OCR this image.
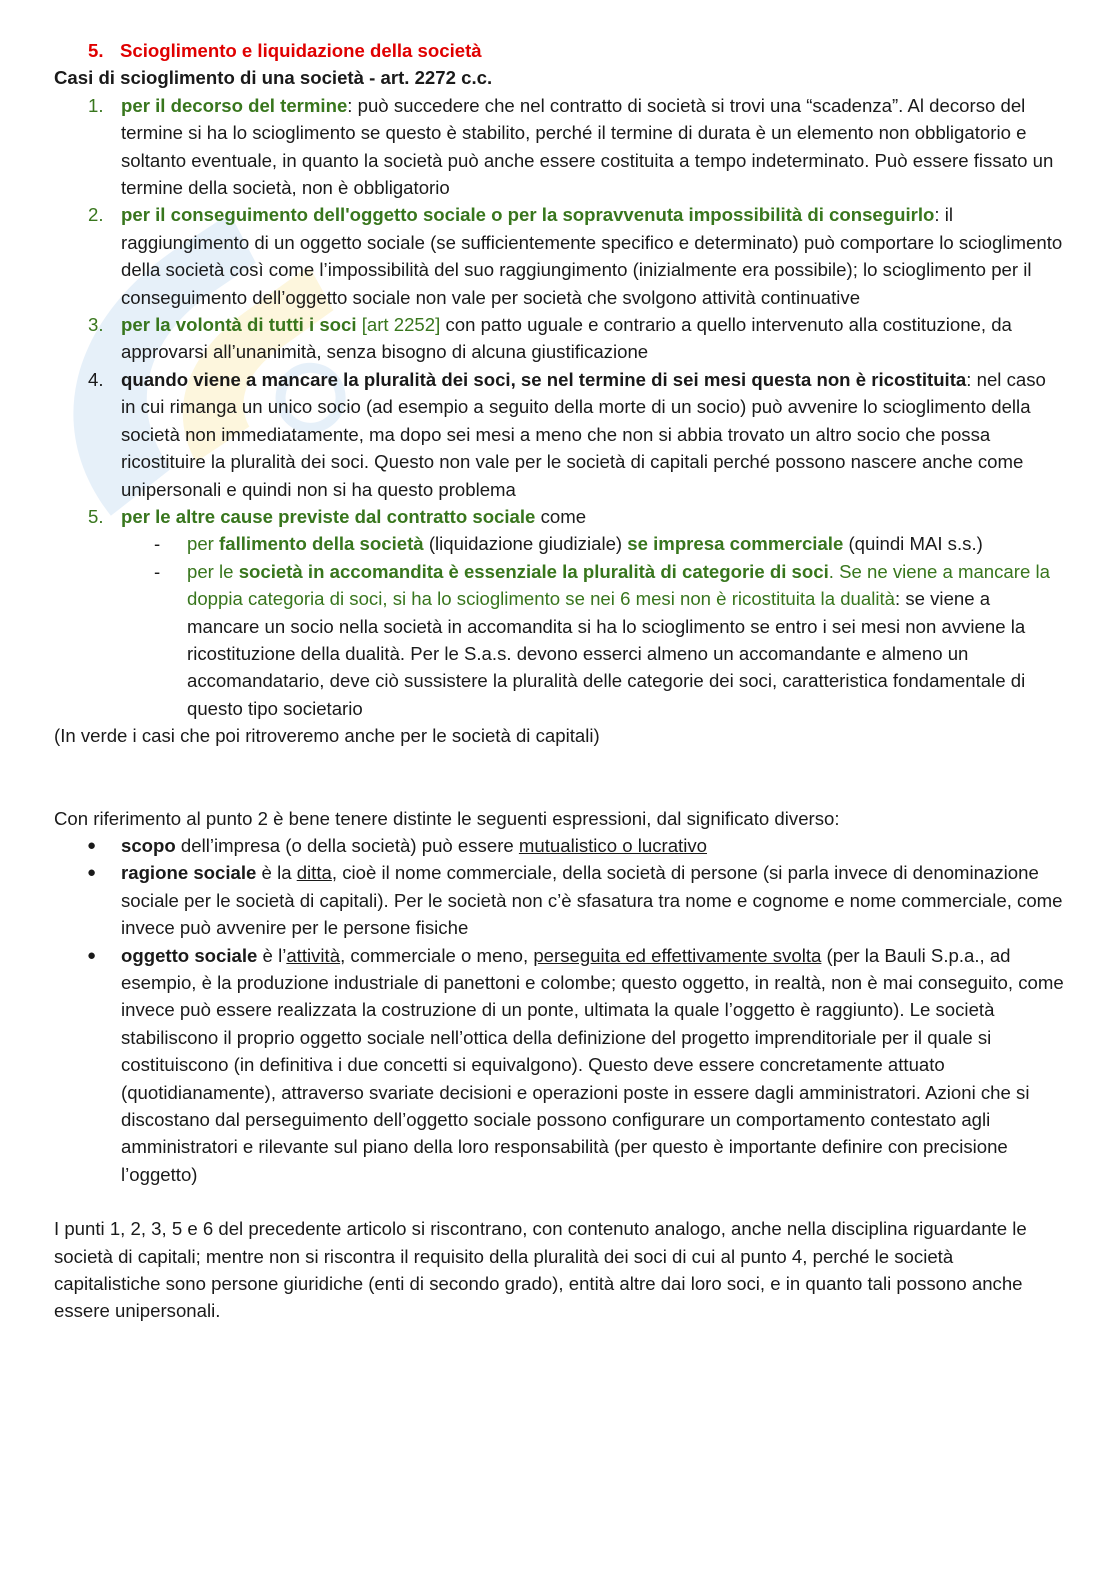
5. Scioglimento e liquidazione della società
Casi di scioglimento di una società - art. 2272 c.c.
1. per il decorso del termine: può succedere che nel contratto di società si trovi una “scadenza”. Al decorso del termine si ha lo scioglimento se questo è stabilito, perché il termine di durata è un elemento non obbligatorio e soltanto eventuale, in quanto la società può anche essere costituita a tempo indeterminato. Può essere fissato un termine della società, non è obbligatorio
2. per il conseguimento dell'oggetto sociale o per la sopravvenuta impossibilità di conseguirlo: il raggiungimento di un oggetto sociale (se sufficientemente specifico e determinato) può comportare lo scioglimento della società così come l’impossibilità del suo raggiungimento (inizialmente era possibile); lo scioglimento per il conseguimento dell’oggetto sociale non vale per società che svolgono attività continuative
3. per la volontà di tutti i soci [art 2252] con patto uguale e contrario a quello intervenuto alla costituzione, da approvarsi all’unanimità, senza bisogno di alcuna giustificazione
4. quando viene a mancare la pluralità dei soci, se nel termine di sei mesi questa non è ricostituita: nel caso in cui rimanga un unico socio (ad esempio a seguito della morte di un socio) può avvenire lo scioglimento della società non immediatamente, ma dopo sei mesi a meno che non si abbia trovato un altro socio che possa ricostituire la pluralità dei soci. Questo non vale per le società di capitali perché possono nascere anche come unipersonali e quindi non si ha questo problema
5. per le altre cause previste dal contratto sociale come
- per fallimento della società (liquidazione giudiziale) se impresa commerciale (quindi MAI s.s.)
- per le società in accomandita è essenziale la pluralità di categorie di soci. Se ne viene a mancare la doppia categoria di soci, si ha lo scioglimento se nei 6 mesi non è ricostituita la dualità: se viene a mancare un socio nella società in accomandita si ha lo scioglimento se entro i sei mesi non avviene la ricostituzione della dualità. Per le S.a.s. devono esserci almeno un accomandante e almeno un accomandatario, deve ciò sussistere la pluralità delle categorie dei soci, caratteristica fondamentale di questo tipo societario

(In verde i casi che poi ritroveremo anche per le società di capitali)

Con riferimento al punto 2 è bene tenere distinte le seguenti espressioni, dal significato diverso:

● scopo dell’impresa (o della società) può essere mutualistico o lucrativo
● ragione sociale è la ditta, cioè il nome commerciale, della società di persone (si parla invece di denominazione sociale per le società di capitali). Per le società non c’è sfasatura tra nome e cognome e nome commerciale, come invece può avvenire per le persone fisiche
● oggetto sociale è l’attività, commerciale o meno, perseguita ed effettivamente svolta (per la Bauli S.p.a., ad esempio, è la produzione industriale di panettoni e colombe; questo oggetto, in realtà, non è mai conseguito, come invece può essere realizzata la costruzione di un ponte, ultimata la quale l’oggetto è raggiunto). Le società stabiliscono il proprio oggetto sociale nell’ottica della definizione del progetto imprenditoriale per il quale si costituiscono (in definitiva i due concetti si equivalgono). Questo deve essere concretamente attuato (quotidianamente), attraverso svariate decisioni e operazioni poste in essere dagli amministratori. Azioni che si discostano dal perseguimento dell’oggetto sociale possono configurare un comportamento contestato agli amministratori e rilevante sul piano della loro responsabilità (per questo è importante definire con precisione l’oggetto)

I punti 1, 2, 3, 5 e 6 del precedente articolo si riscontrano, con contenuto analogo, anche nella disciplina riguardante le società di capitali; mentre non si riscontra il requisito della pluralità dei soci di cui al punto 4, perché le società capitalistiche sono persone giuridiche (enti di secondo grado), entità altre dai loro soci, e in quanto tali possono anche essere unipersonali.
